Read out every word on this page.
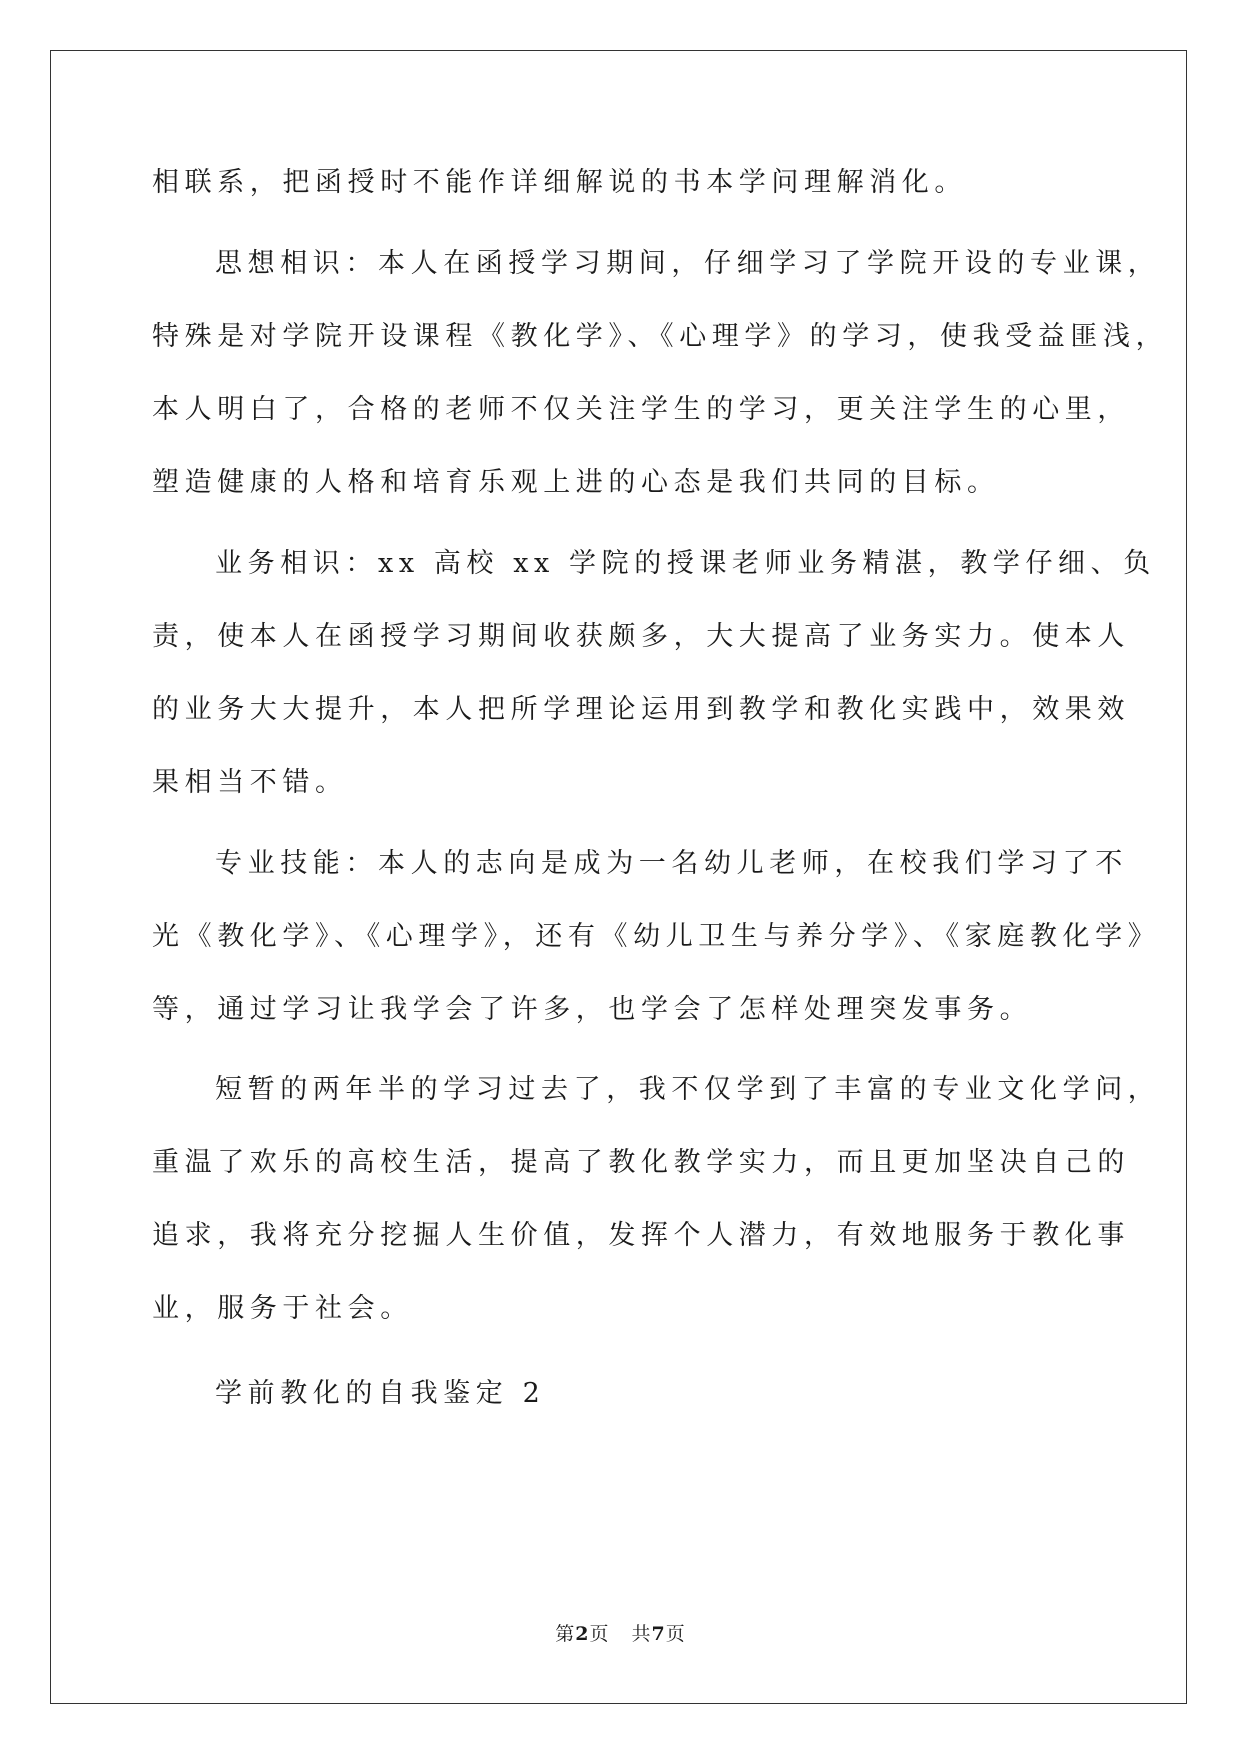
相联系，把函授时不能作详细解说的书本学问理解消化。
思想相识：本人在函授学习期间，仔细学习了学院开设的专业课，
特殊是对学院开设课程《教化学》、《心理学》的学习，使我受益匪浅，
本人明白了，合格的老师不仅关注学生的学习，更关注学生的心里，
塑造健康的人格和培育乐观上进的心态是我们共同的目标。
业务相识：xx 高校 xx 学院的授课老师业务精湛，教学仔细、负
责，使本人在函授学习期间收获颇多，大大提高了业务实力。使本人
的业务大大提升，本人把所学理论运用到教学和教化实践中，效果效
果相当不错。
专业技能：本人的志向是成为一名幼儿老师，在校我们学习了不
光《教化学》、《心理学》，还有《幼儿卫生与养分学》、《家庭教化学》
等，通过学习让我学会了许多，也学会了怎样处理突发事务。
短暂的两年半的学习过去了，我不仅学到了丰富的专业文化学问，
重温了欢乐的高校生活，提高了教化教学实力，而且更加坚决自己的
追求，我将充分挖掘人生价值，发挥个人潜力，有效地服务于教化事
业，服务于社会。
学前教化的自我鉴定 2
第2页 共7页
